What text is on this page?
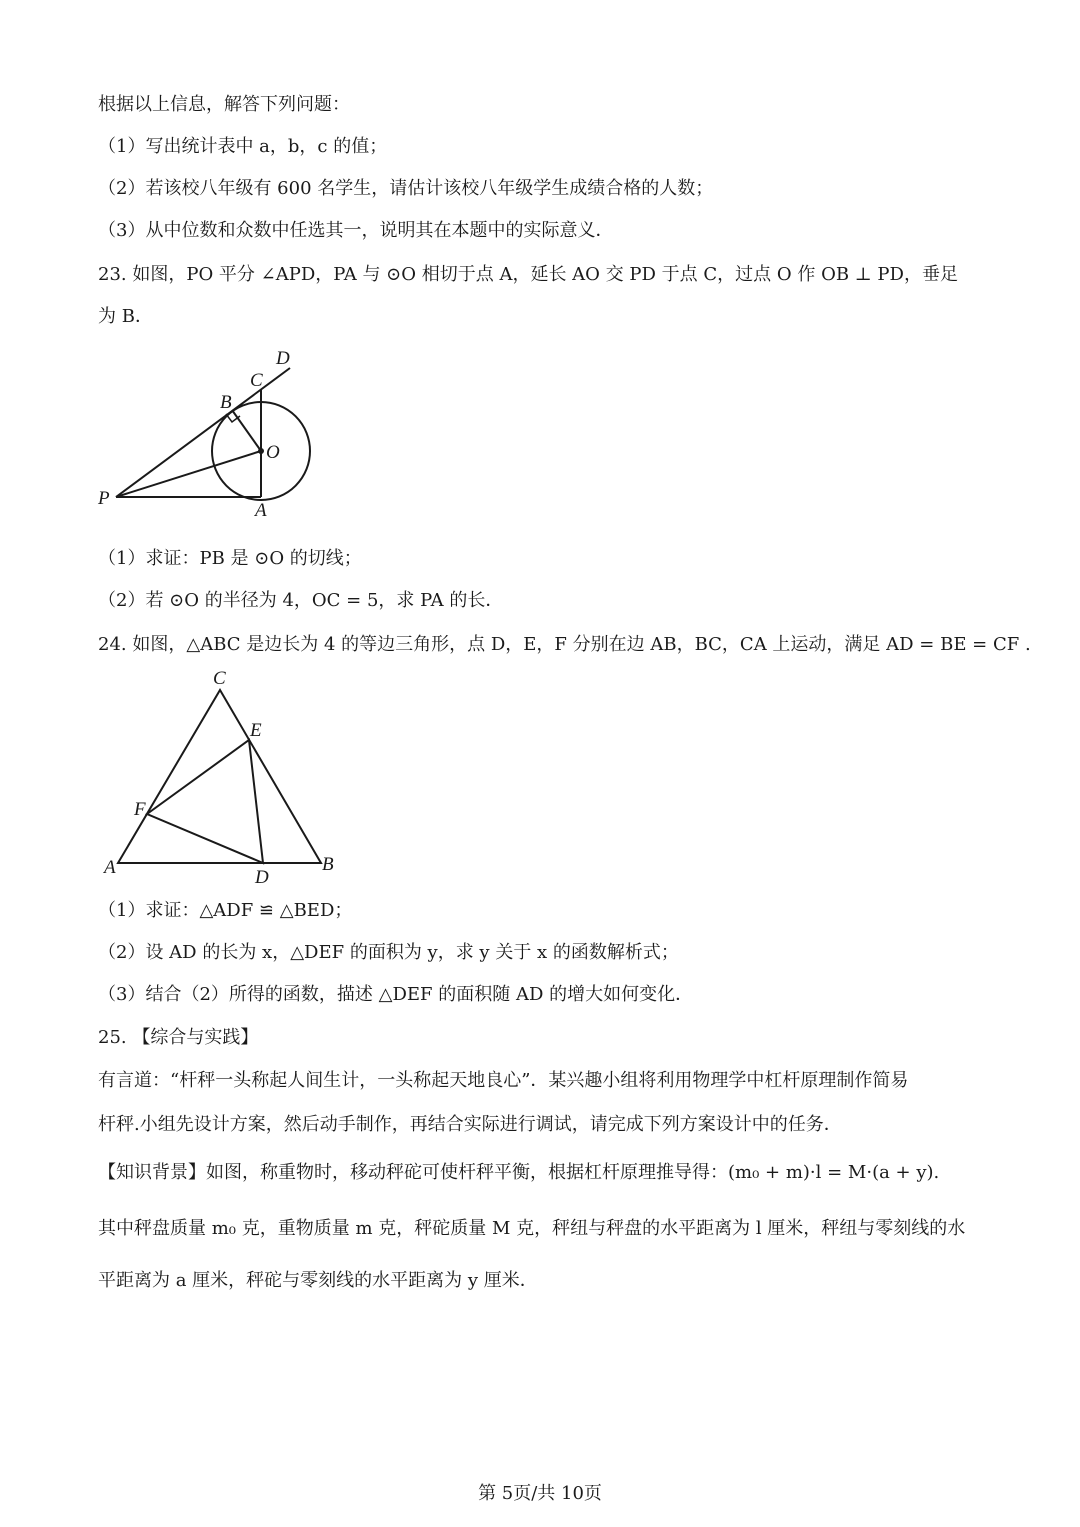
根据以上信息，解答下列问题：
（1）写出统计表中 a，b，c 的值；
（2）若该校八年级有 600 名学生，请估计该校八年级学生成绩合格的人数；
（3）从中位数和众数中任选其一，说明其在本题中的实际意义．
23. 如图，PO 平分 ∠APD，PA 与 ⊙O 相切于点 A，延长 AO 交 PD 于点 C，过点 O 作 OB ⊥ PD，垂足
为 B．
D
C
B
O
P
A
（1）求证：PB 是 ⊙O 的切线；
（2）若 ⊙O 的半径为 4，OC = 5，求 PA 的长．
24. 如图，△ABC 是边长为 4 的等边三角形，点 D，E，F 分别在边 AB，BC，CA 上运动，满足 AD = BE = CF .
C
E
F
A	D
B
（1）求证：△ADF ≌ △BED；
（2）设 AD 的长为 x，△DEF 的面积为 y，求 y 关于 x 的函数解析式；
（3）结合（2）所得的函数，描述 △DEF 的面积随 AD 的增大如何变化．
25. 【综合与实践】
有言道：“杆秤一头称起人间生计，一头称起天地良心”．某兴趣小组将利用物理学中杠杆原理制作简易
杆秤.小组先设计方案，然后动手制作，再结合实际进行调试，请完成下列方案设计中的任务．
【知识背景】如图，称重物时，移动秤砣可使杆秤平衡，根据杠杆原理推导得：(m₀ + m)·l = M·(a + y).
其中秤盘质量 m₀ 克，重物质量 m 克，秤砣质量 M 克，秤纽与秤盘的水平距离为 l 厘米，秤纽与零刻线的水
平距离为 a 厘米，秤砣与零刻线的水平距离为 y 厘米．
第 5页/共 10页
